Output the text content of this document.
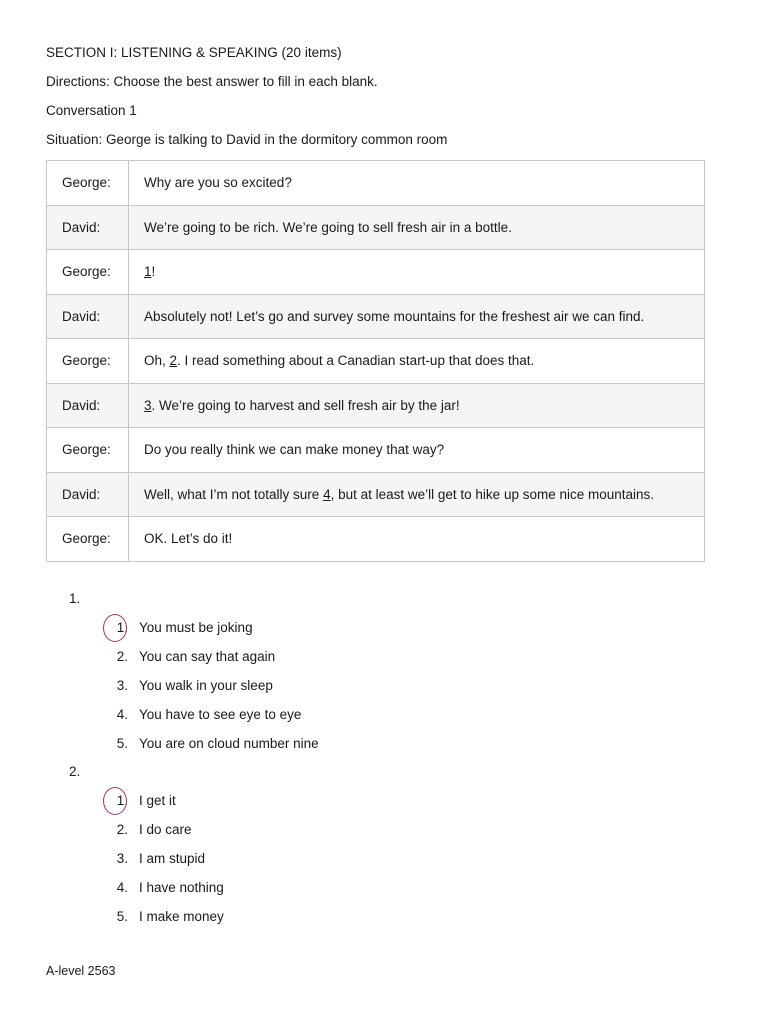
SECTION I: LISTENING & SPEAKING (20 items)
Directions: Choose the best answer to fill in each blank.
Conversation 1
Situation: George is talking to David in the dormitory common room
George:	Why are you so excited?
David:	We’re going to be rich. We’re going to sell fresh air in a bottle.
George:	1!
David:	Absolutely not! Let’s go and survey some mountains for the freshest air we can find.
George:	Oh, 2. I read something about a Canadian start-up that does that.
David:	3. We’re going to harvest and sell fresh air by the jar!
George:	Do you really think we can make money that way?
David:	Well, what I’m not totally sure 4, but at least we’ll get to hike up some nice mountains.
George:	OK. Let’s do it!
1.
1. You must be joking
2. You can say that again
3. You walk in your sleep
4. You have to see eye to eye
5. You are on cloud number nine
2.
1. I get it
2. I do care
3. I am stupid
4. I have nothing
5. I make money
A-level 2563
